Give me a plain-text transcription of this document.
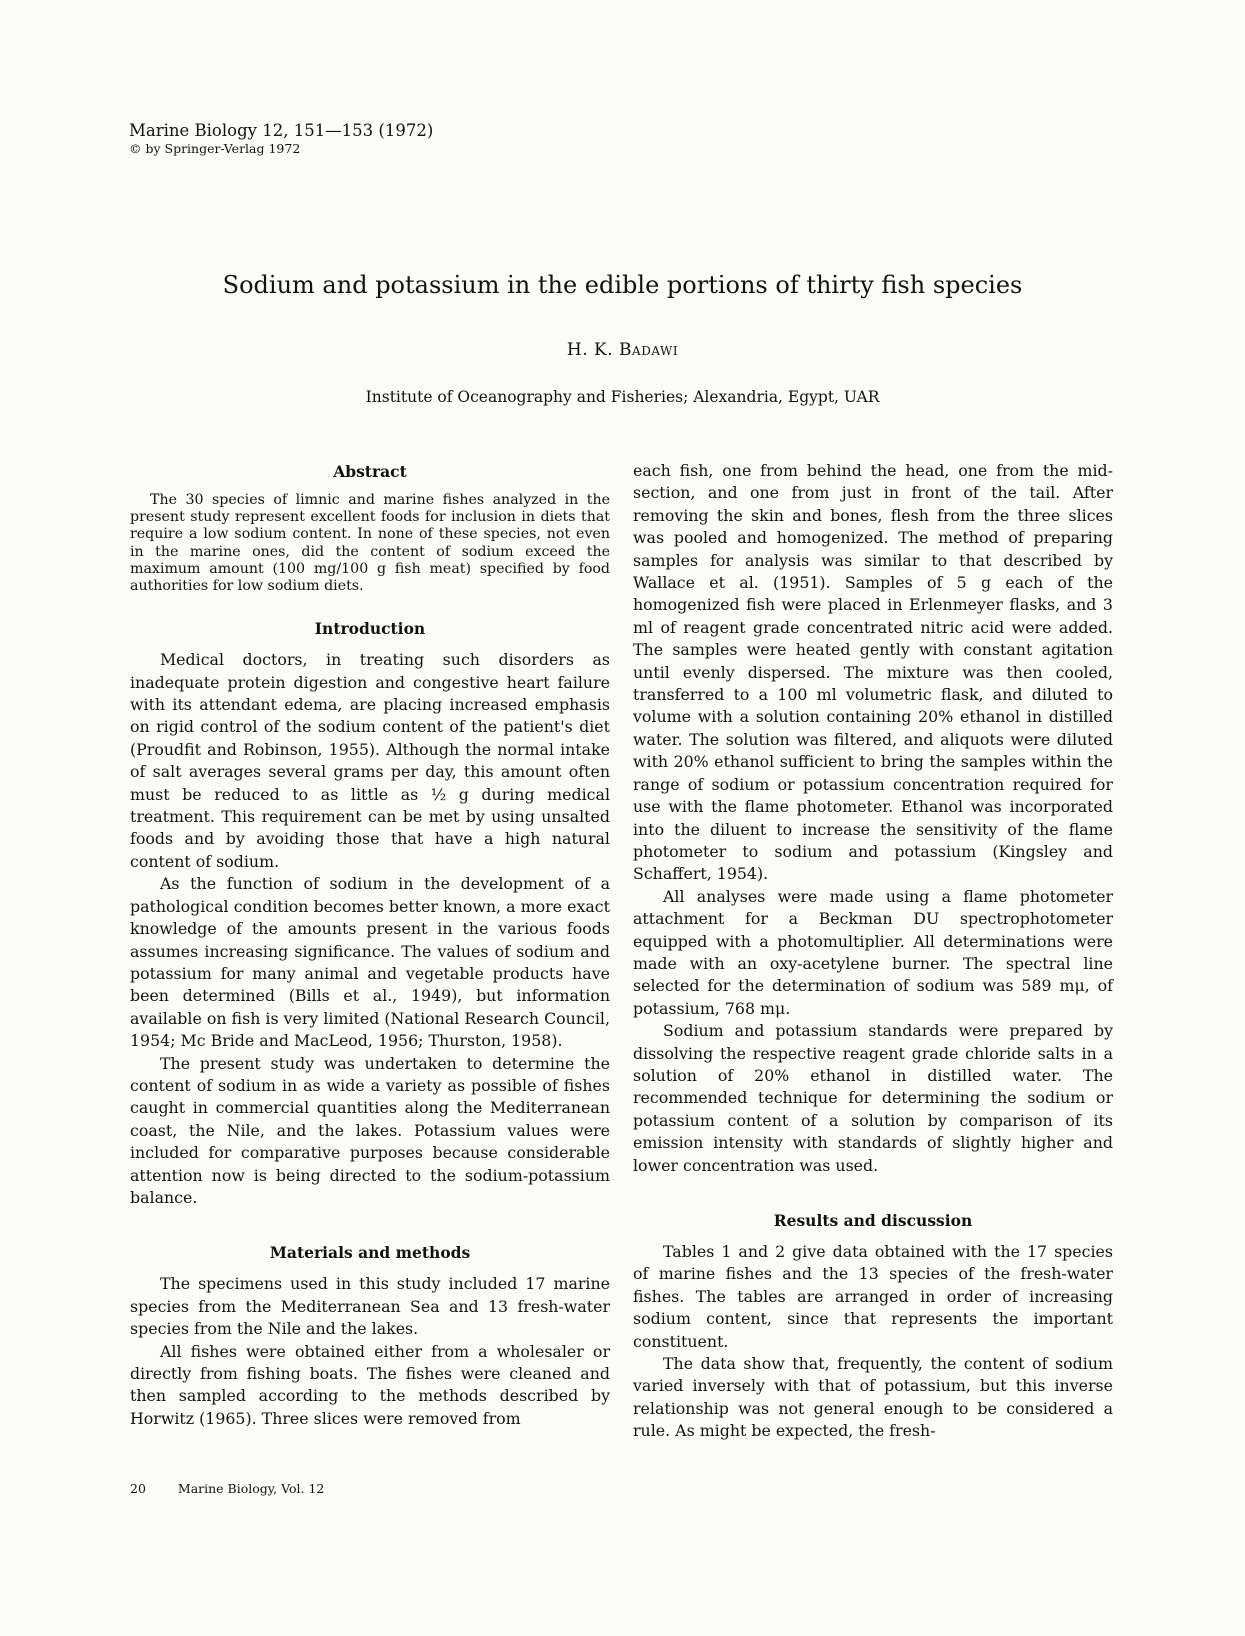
Marine Biology 12, 151—153 (1972)
© by Springer-Verlag 1972
Sodium and potassium in the edible portions of thirty fish species
H. K. Badawi
Institute of Oceanography and Fisheries; Alexandria, Egypt, UAR
Abstract

The 30 species of limnic and marine fishes analyzed in the present study represent excellent foods for inclusion in diets that require a low sodium content. In none of these species, not even in the marine ones, did the content of sodium exceed the maximum amount (100 mg/100 g fish meat) specified by food authorities for low sodium diets.

Introduction

Medical doctors, in treating such disorders as inadequate protein digestion and congestive heart failure with its attendant edema, are placing increased emphasis on rigid control of the sodium content of the patient's diet (Proudfit and Robinson, 1955). Although the normal intake of salt averages several grams per day, this amount often must be reduced to as little as ½ g during medical treatment. This requirement can be met by using unsalted foods and by avoiding those that have a high natural content of sodium.

As the function of sodium in the development of a pathological condition becomes better known, a more exact knowledge of the amounts present in the various foods assumes increasing significance. The values of sodium and potassium for many animal and vegetable products have been determined (Bills et al., 1949), but information available on fish is very limited (National Research Council, 1954; Mc Bride and MacLeod, 1956; Thurston, 1958).

The present study was undertaken to determine the content of sodium in as wide a variety as possible of fishes caught in commercial quantities along the Mediterranean coast, the Nile, and the lakes. Potassium values were included for comparative purposes because considerable attention now is being directed to the sodium-potassium balance.

Materials and methods

The specimens used in this study included 17 marine species from the Mediterranean Sea and 13 fresh-water species from the Nile and the lakes.

All fishes were obtained either from a wholesaler or directly from fishing boats. The fishes were cleaned and then sampled according to the methods described by Horwitz (1965). Three slices were removed from

each fish, one from behind the head, one from the mid-section, and one from just in front of the tail. After removing the skin and bones, flesh from the three slices was pooled and homogenized. The method of preparing samples for analysis was similar to that described by Wallace et al. (1951). Samples of 5 g each of the homogenized fish were placed in Erlenmeyer flasks, and 3 ml of reagent grade concentrated nitric acid were added. The samples were heated gently with constant agitation until evenly dispersed. The mixture was then cooled, transferred to a 100 ml volumetric flask, and diluted to volume with a solution containing 20% ethanol in distilled water. The solution was filtered, and aliquots were diluted with 20% ethanol sufficient to bring the samples within the range of sodium or potassium concentration required for use with the flame photometer. Ethanol was incorporated into the diluent to increase the sensitivity of the flame photometer to sodium and potassium (Kingsley and Schaffert, 1954).

All analyses were made using a flame photometer attachment for a Beckman DU spectrophotometer equipped with a photomultiplier. All determinations were made with an oxy-acetylene burner. The spectral line selected for the determination of sodium was 589 mμ, of potassium, 768 mμ.

Sodium and potassium standards were prepared by dissolving the respective reagent grade chloride salts in a solution of 20% ethanol in distilled water. The recommended technique for determining the sodium or potassium content of a solution by comparison of its emission intensity with standards of slightly higher and lower concentration was used.

Results and discussion

Tables 1 and 2 give data obtained with the 17 species of marine fishes and the 13 species of the fresh-water fishes. The tables are arranged in order of increasing sodium content, since that represents the important constituent.

The data show that, frequently, the content of sodium varied inversely with that of potassium, but this inverse relationship was not general enough to be considered a rule. As might be expected, the fresh-

20	Marine Biology, Vol. 12
